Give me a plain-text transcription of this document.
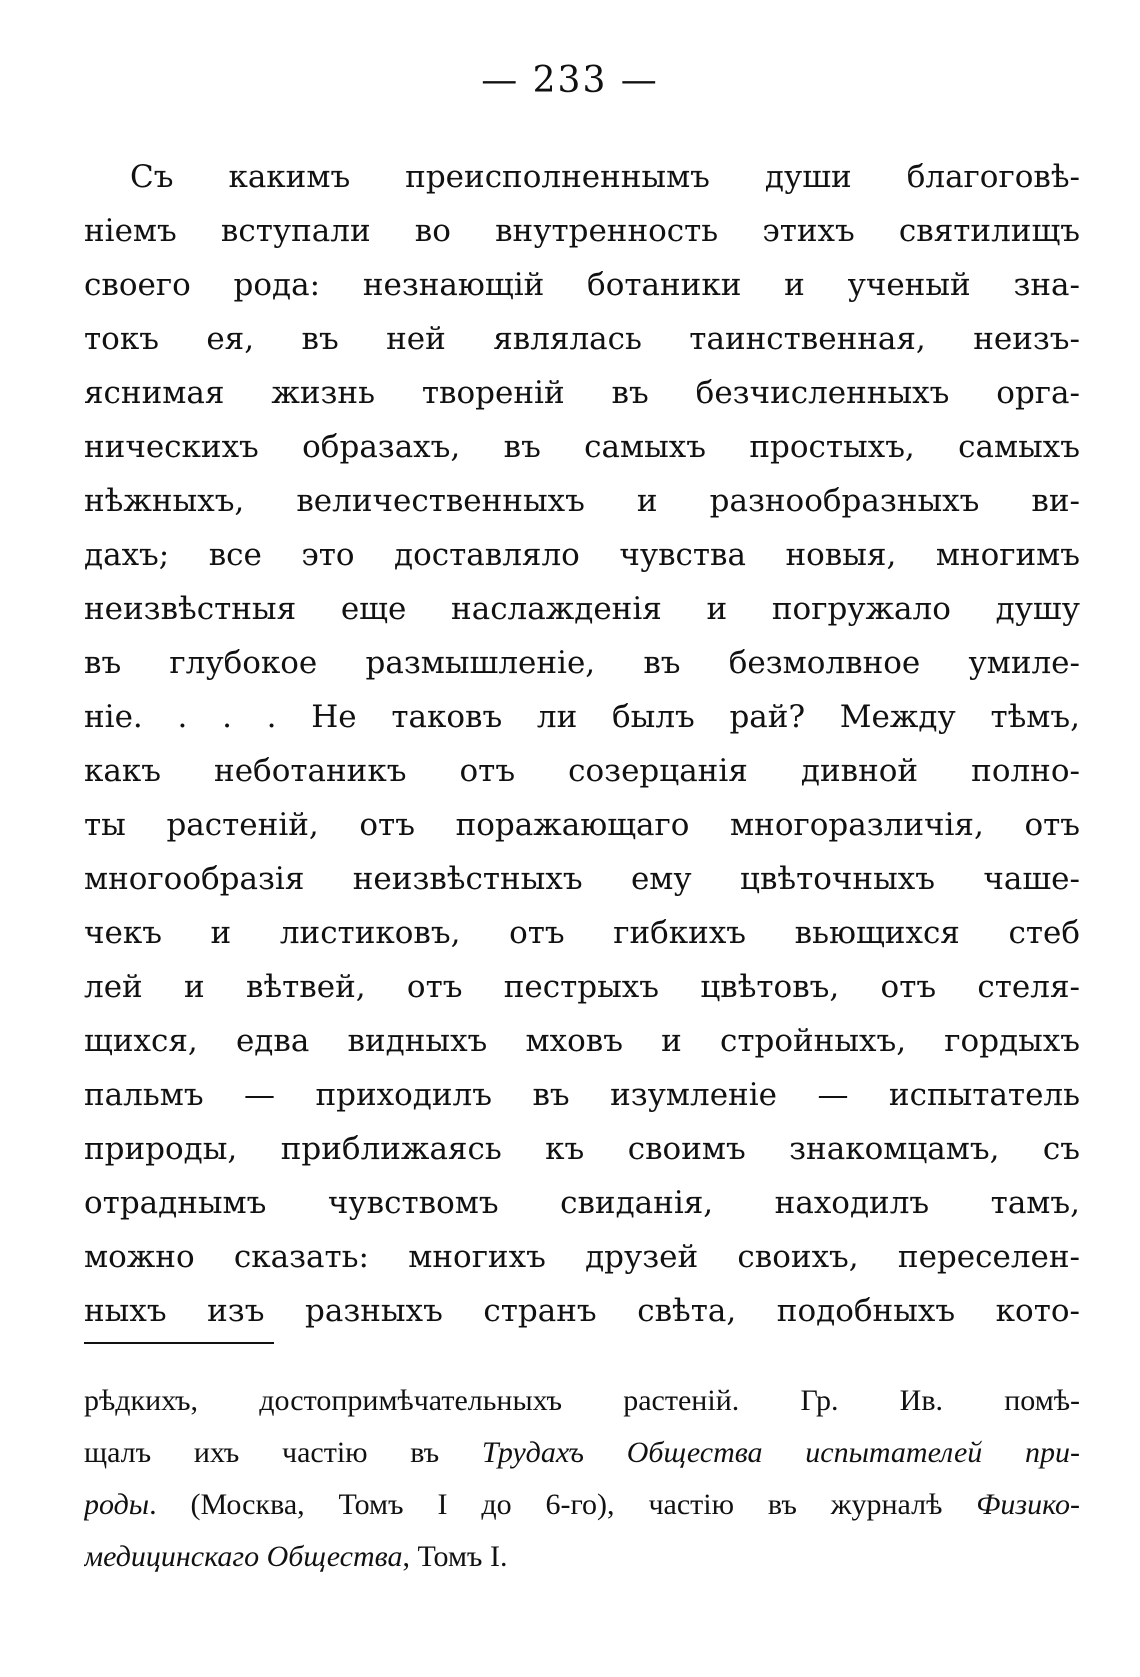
— 233 —
Съ какимъ преисполненнымъ души благоговѣ-
ніемъ вступали во внутренность этихъ святилищъ
своего рода: незнающій ботаники и ученый зна-
токъ ея, въ ней являлась таинственная, неизъ-
яснимая жизнь твореній въ безчисленныхъ орга-
ническихъ образахъ, въ самыхъ простыхъ, самыхъ
нѣжныхъ, величественныхъ и разнообразныхъ ви-
дахъ; все это доставляло чувства новыя, многимъ
неизвѣстныя еще наслажденія и погружало душу
въ глубокое размышленіе, въ безмолвное умиле-
ніе. . . . Не таковъ ли былъ рай? Между тѣмъ,
какъ неботаникъ отъ созерцанія дивной полно-
ты растеній, отъ поражающаго многоразличія, отъ
многообразія неизвѣстныхъ ему цвѣточныхъ чаше-
чекъ и листиковъ, отъ гибкихъ вьющихся стеб
лей и вѣтвей, отъ пестрыхъ цвѣтовъ, отъ стеля-
щихся, едва видныхъ мховъ и стройныхъ, гордыхъ
пальмъ — приходилъ въ изумленіе — испытатель
природы, приближаясь къ своимъ знакомцамъ, съ
отраднымъ чувствомъ свиданія, находилъ тамъ,
можно сказать: многихъ друзей своихъ, переселен-
ныхъ изъ разныхъ странъ свѣта, подобныхъ кото-
рѣдкихъ, достопримѣчательныхъ растеній. Гр. Ив. помѣ-
щалъ ихъ частію въ Трудахъ Общества испытателей при-
роды. (Москва, Томъ I до 6-го), частію въ журналѣ Физико-
медицинскаго Общества, Томъ I.
